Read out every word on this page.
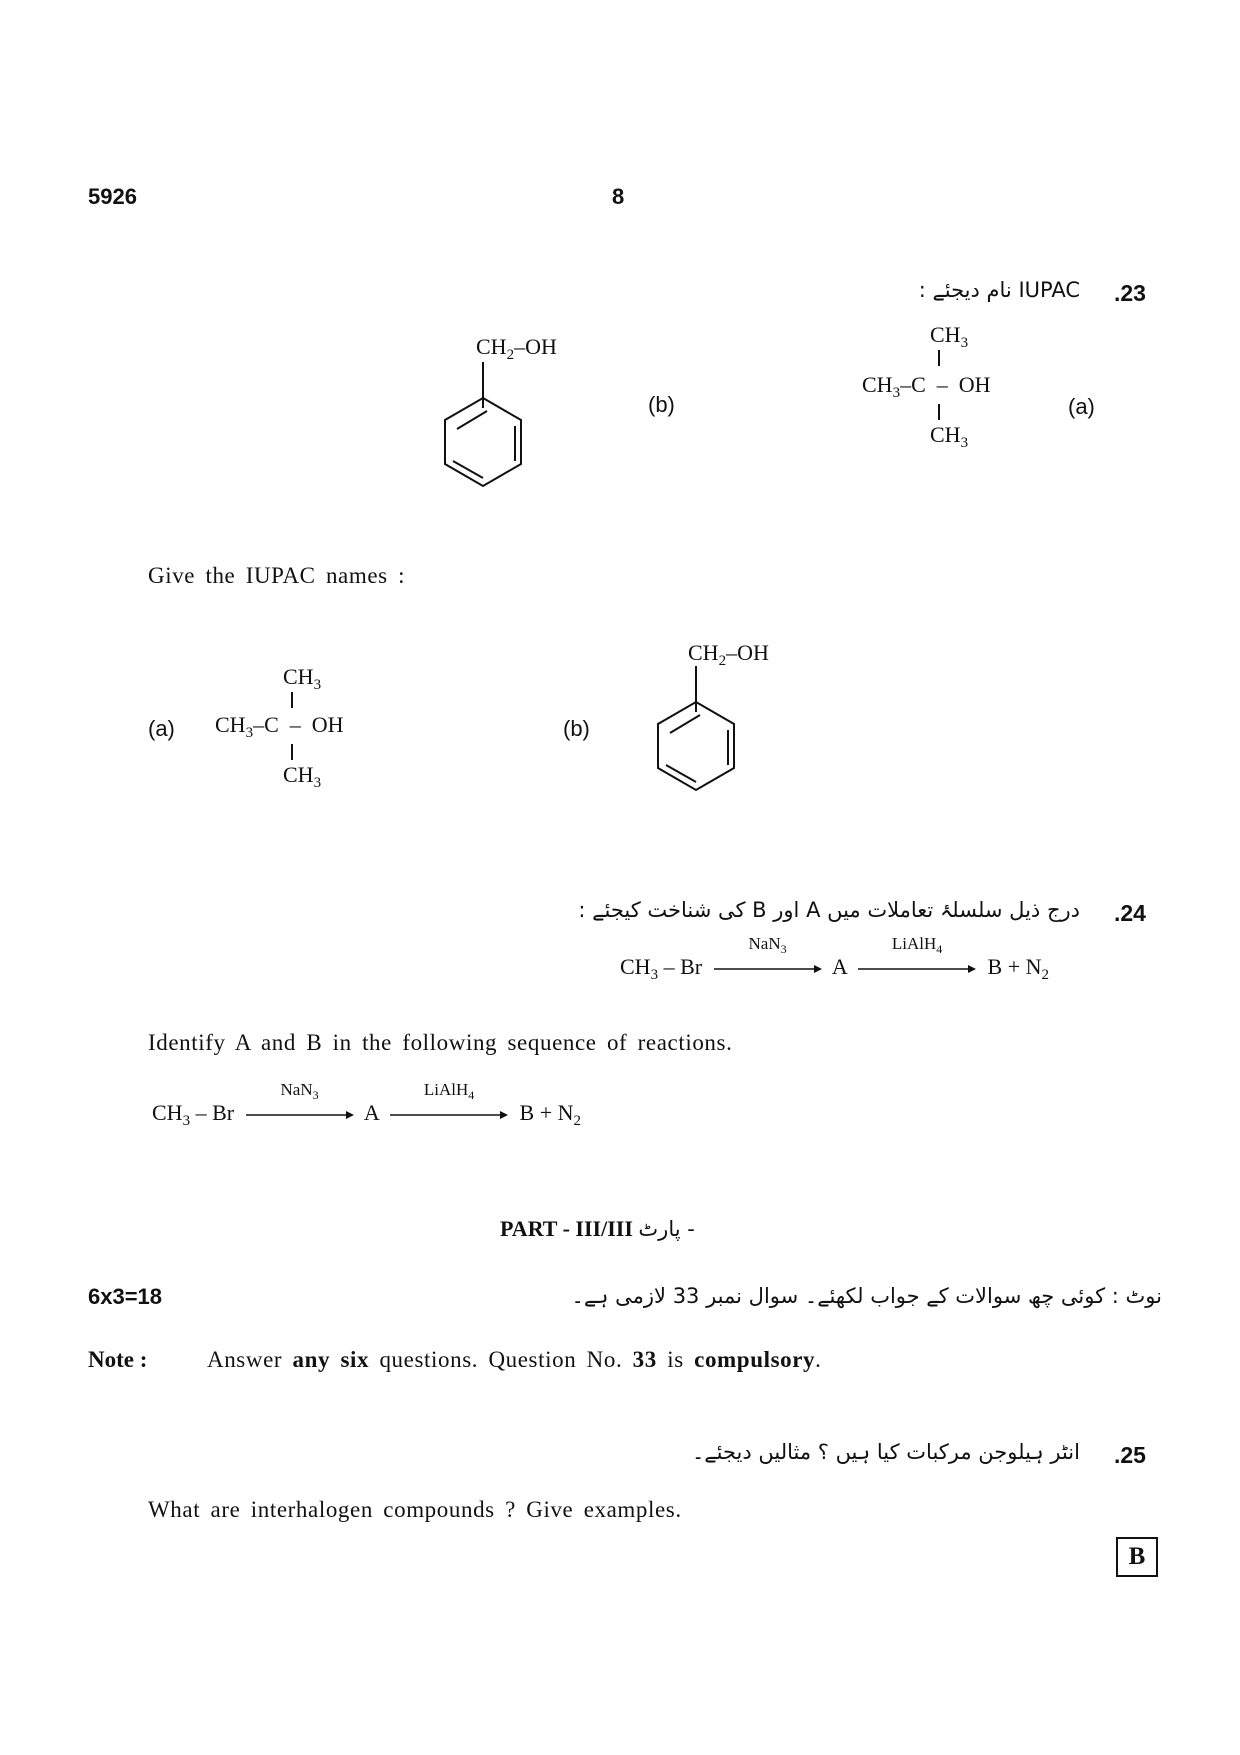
5926	8
.23
IUPAC نام دیجئے :
$CH_3$
$CH_3-C$ – OH
$CH_3$
(a)
(b)
$CH_2-OH$
Give the IUPAC names :
(a)
$CH_3$
$CH_3-C$ – OH
$CH_3$
(b)
$CH_2-OH$
.24
درج ذیل سلسلۂ تعاملات میں A اور B کی شناخت کیجئے :
$CH_3$ – Br
NaN$_3$
A
LiAlH$_4$
$B + N_2$
Identify A and B in the following sequence of reactions.
$CH_3$ – Br
NaN$_3$
A
LiAlH$_4$
$B + N_2$
PART - III/III پارٹ -
6x3=18	نوٹ : کوئی چھ سوالات کے جواب لکھئے۔ سوال نمبر 33 لازمی ہے۔
Note :	Answer any six questions. Question No. 33 is compulsory.
.25
انٹر ہیلوجن مرکبات کیا ہیں ؟ مثالیں دیجئے۔
What are interhalogen compounds ? Give examples.
B
